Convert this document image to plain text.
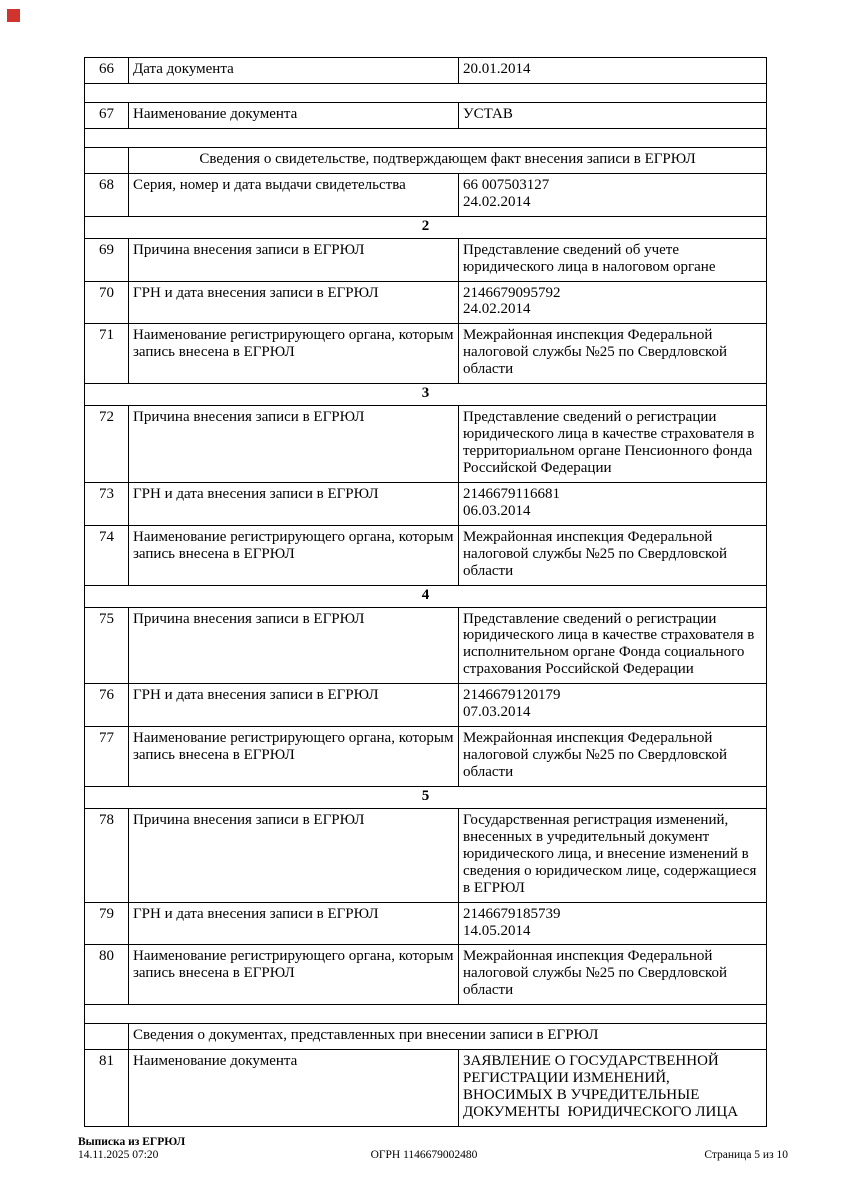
66	Дата документа	20.01.2014

67	Наименование документа	УСТАВ

	Сведения о свидетельстве, подтверждающем факт внесения записи в ЕГРЮЛ	
68	Серия, номер и дата выдачи свидетельства	66 007503127
24.02.2014
2		
69	Причина внесения записи в ЕГРЮЛ	Представление сведений об учете юридического лица в налоговом органе
70	ГРН и дата внесения записи в ЕГРЮЛ	2146679095792
24.02.2014
71	Наименование регистрирующего органа, которым запись внесена в ЕГРЮЛ	Межрайонная инспекция Федеральной налоговой службы №25 по Свердловской области
3		
72	Причина внесения записи в ЕГРЮЛ	Представление сведений о регистрации юридического лица в качестве страхователя в территориальном органе Пенсионного фонда Российской Федерации
73	ГРН и дата внесения записи в ЕГРЮЛ	2146679116681
06.03.2014
74	Наименование регистрирующего органа, которым запись внесена в ЕГРЮЛ	Межрайонная инспекция Федеральной налоговой службы №25 по Свердловской области
4		
75	Причина внесения записи в ЕГРЮЛ	Представление сведений о регистрации юридического лица в качестве страхователя в исполнительном органе Фонда социального страхования Российской Федерации
76	ГРН и дата внесения записи в ЕГРЮЛ	2146679120179
07.03.2014
77	Наименование регистрирующего органа, которым запись внесена в ЕГРЮЛ	Межрайонная инспекция Федеральной налоговой службы №25 по Свердловской области
5		
78	Причина внесения записи в ЕГРЮЛ	Государственная регистрация изменений, внесенных в учредительный документ юридического лица, и внесение изменений в сведения о юридическом лице, содержащиеся в ЕГРЮЛ
79	ГРН и дата внесения записи в ЕГРЮЛ	2146679185739
14.05.2014
80	Наименование регистрирующего органа, которым запись внесена в ЕГРЮЛ	Межрайонная инспекция Федеральной налоговой службы №25 по Свердловской области

	Сведения о документах, представленных при внесении записи в ЕГРЮЛ	
81	Наименование документа	ЗАЯВЛЕНИЕ О ГОСУДАРСТВЕННОЙ РЕГИСТРАЦИИ ИЗМЕНЕНИЙ, ВНОСИМЫХ В УЧРЕДИТЕЛЬНЫЕ ДОКУМЕНТЫ  ЮРИДИЧЕСКОГО ЛИЦА
Выписка из ЕГРЮЛ
14.11.2025 07:20	ОГРН 1146679002480	Страница 5 из 10
